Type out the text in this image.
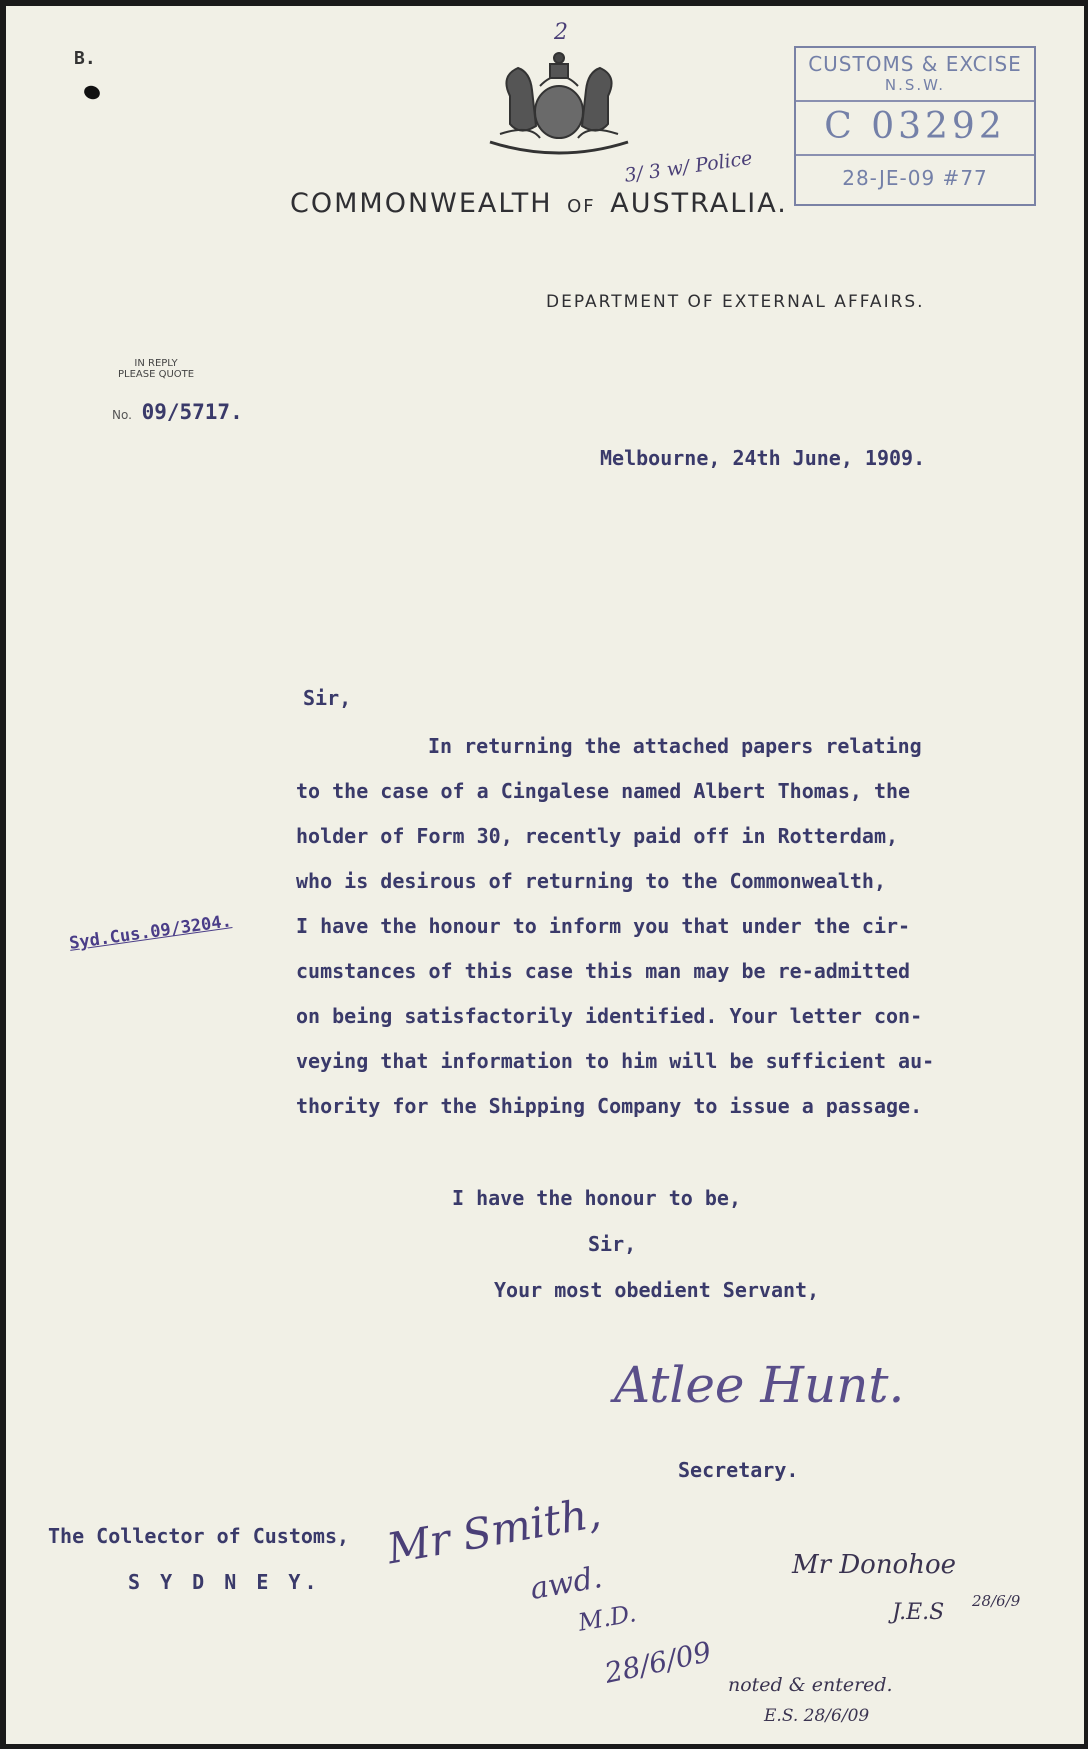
2
B.	CUSTOMS & EXCISE
N.S.W.
C 03292
28-JE-09 #77
3/ 3 w/ Police
COMMONWEALTH OF AUSTRALIA.
DEPARTMENT OF EXTERNAL AFFAIRS.
IN REPLY
PLEASE QUOTE
No. 09/5717.
Melbourne, 24th June, 1909.
Sir,
Syd.Cus.09/3204.
In returning the attached papers relating
to the case of a Cingalese named Albert Thomas, the
holder of Form 30, recently paid off in Rotterdam,
who is desirous of returning to the Commonwealth,
I have the honour to inform you that under the cir-
cumstances of this case this man may be re-admitted
on being satisfactorily identified. Your letter con-
veying that information to him will be sufficient au-
thority for the Shipping Company to issue a passage.
I have the honour to be,
Sir,
Your most obedient Servant,
Atlee Hunt.
Secretary.
The Collector of Customs,
S Y D N E Y.
Mr Smith,
awd.
M.D.
28/6/09
Mr Donohoe
J.E.S 28/6/9
noted & entered.
E.S. 28/6/09
